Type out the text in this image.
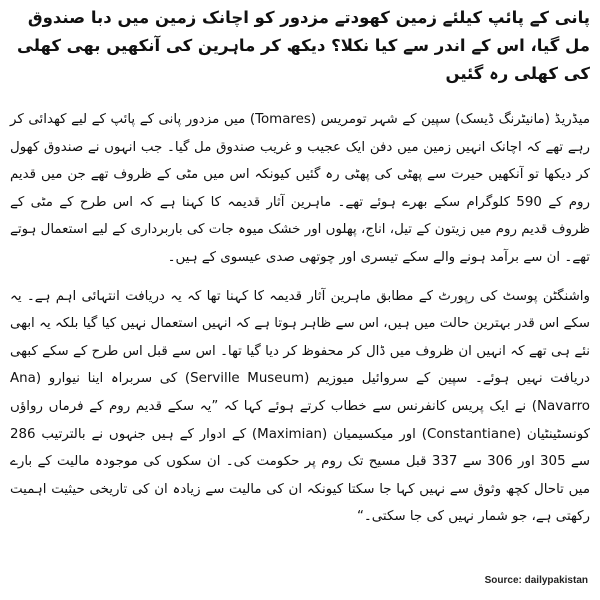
پانی کے پائپ کیلئے زمین کھودتے مزدور کو اچانک زمین میں دبا صندوق مل گیا، اس کے اندر سے کیا نکلا؟ دیکھ کر ماہرین کی آنکھیں بھی کھلی کی کھلی رہ گئیں

میڈریڈ (مانیٹرنگ ڈیسک) سپین کے شہر تومریس (Tomares) میں مزدور پانی کے پائپ کے لیے کھدائی کر رہے تھے کہ اچانک انہیں زمین میں دفن ایک عجیب و غریب صندوق مل گیا۔ جب انہوں نے صندوق کھول کر دیکھا تو آنکھیں حیرت سے پھٹی کی پھٹی رہ گئیں کیونکہ اس میں مٹی کے ظروف تھے جن میں قدیم روم کے 590 کلوگرام سکے بھرے ہوئے تھے۔ ماہرین آثار قدیمہ کا کہنا ہے کہ اس طرح کے مٹی کے ظروف قدیم روم میں زیتون کے تیل، اناج، پھلوں اور خشک میوہ جات کی باربرداری کے لیے استعمال ہوتے تھے۔ ان سے برآمد ہونے والے سکے تیسری اور چوتھی صدی عیسوی کے ہیں۔

واشنگٹن پوسٹ کی رپورٹ کے مطابق ماہرین آثار قدیمہ کا کہنا تھا کہ یہ دریافت انتہائی اہم ہے۔ یہ سکے اس قدر بہترین حالت میں ہیں، اس سے ظاہر ہوتا ہے کہ انہیں استعمال نہیں کیا گیا بلکہ یہ ابھی نئے ہی تھے کہ انہیں ان ظروف میں ڈال کر محفوظ کر دیا گیا تھا۔ اس سے قبل اس طرح کے سکے کبھی دریافت نہیں ہوئے۔ سپین کے سروائیل میوزیم (Serville Museum) کی سربراہ اینا نیوارو (Ana Navarro) نے ایک پریس کانفرنس سے خطاب کرتے ہوئے کہا کہ ”یہ سکے قدیم روم کے فرماں رواؤں کونسٹینٹیان (Constantiane) اور میکسیمیان (Maximian) کے ادوار کے ہیں جنہوں نے بالترتیب 286 سے 305 اور 306 سے 337 قبل مسیح تک روم پر حکومت کی۔ ان سکوں کی موجودہ مالیت کے بارے میں تاحال کچھ وثوق سے نہیں کہا جا سکتا کیونکہ ان کی مالیت سے زیادہ ان کی تاریخی حیثیت اہمیت رکھتی ہے، جو شمار نہیں کی جا سکتی۔“

Source: dailypakistan
